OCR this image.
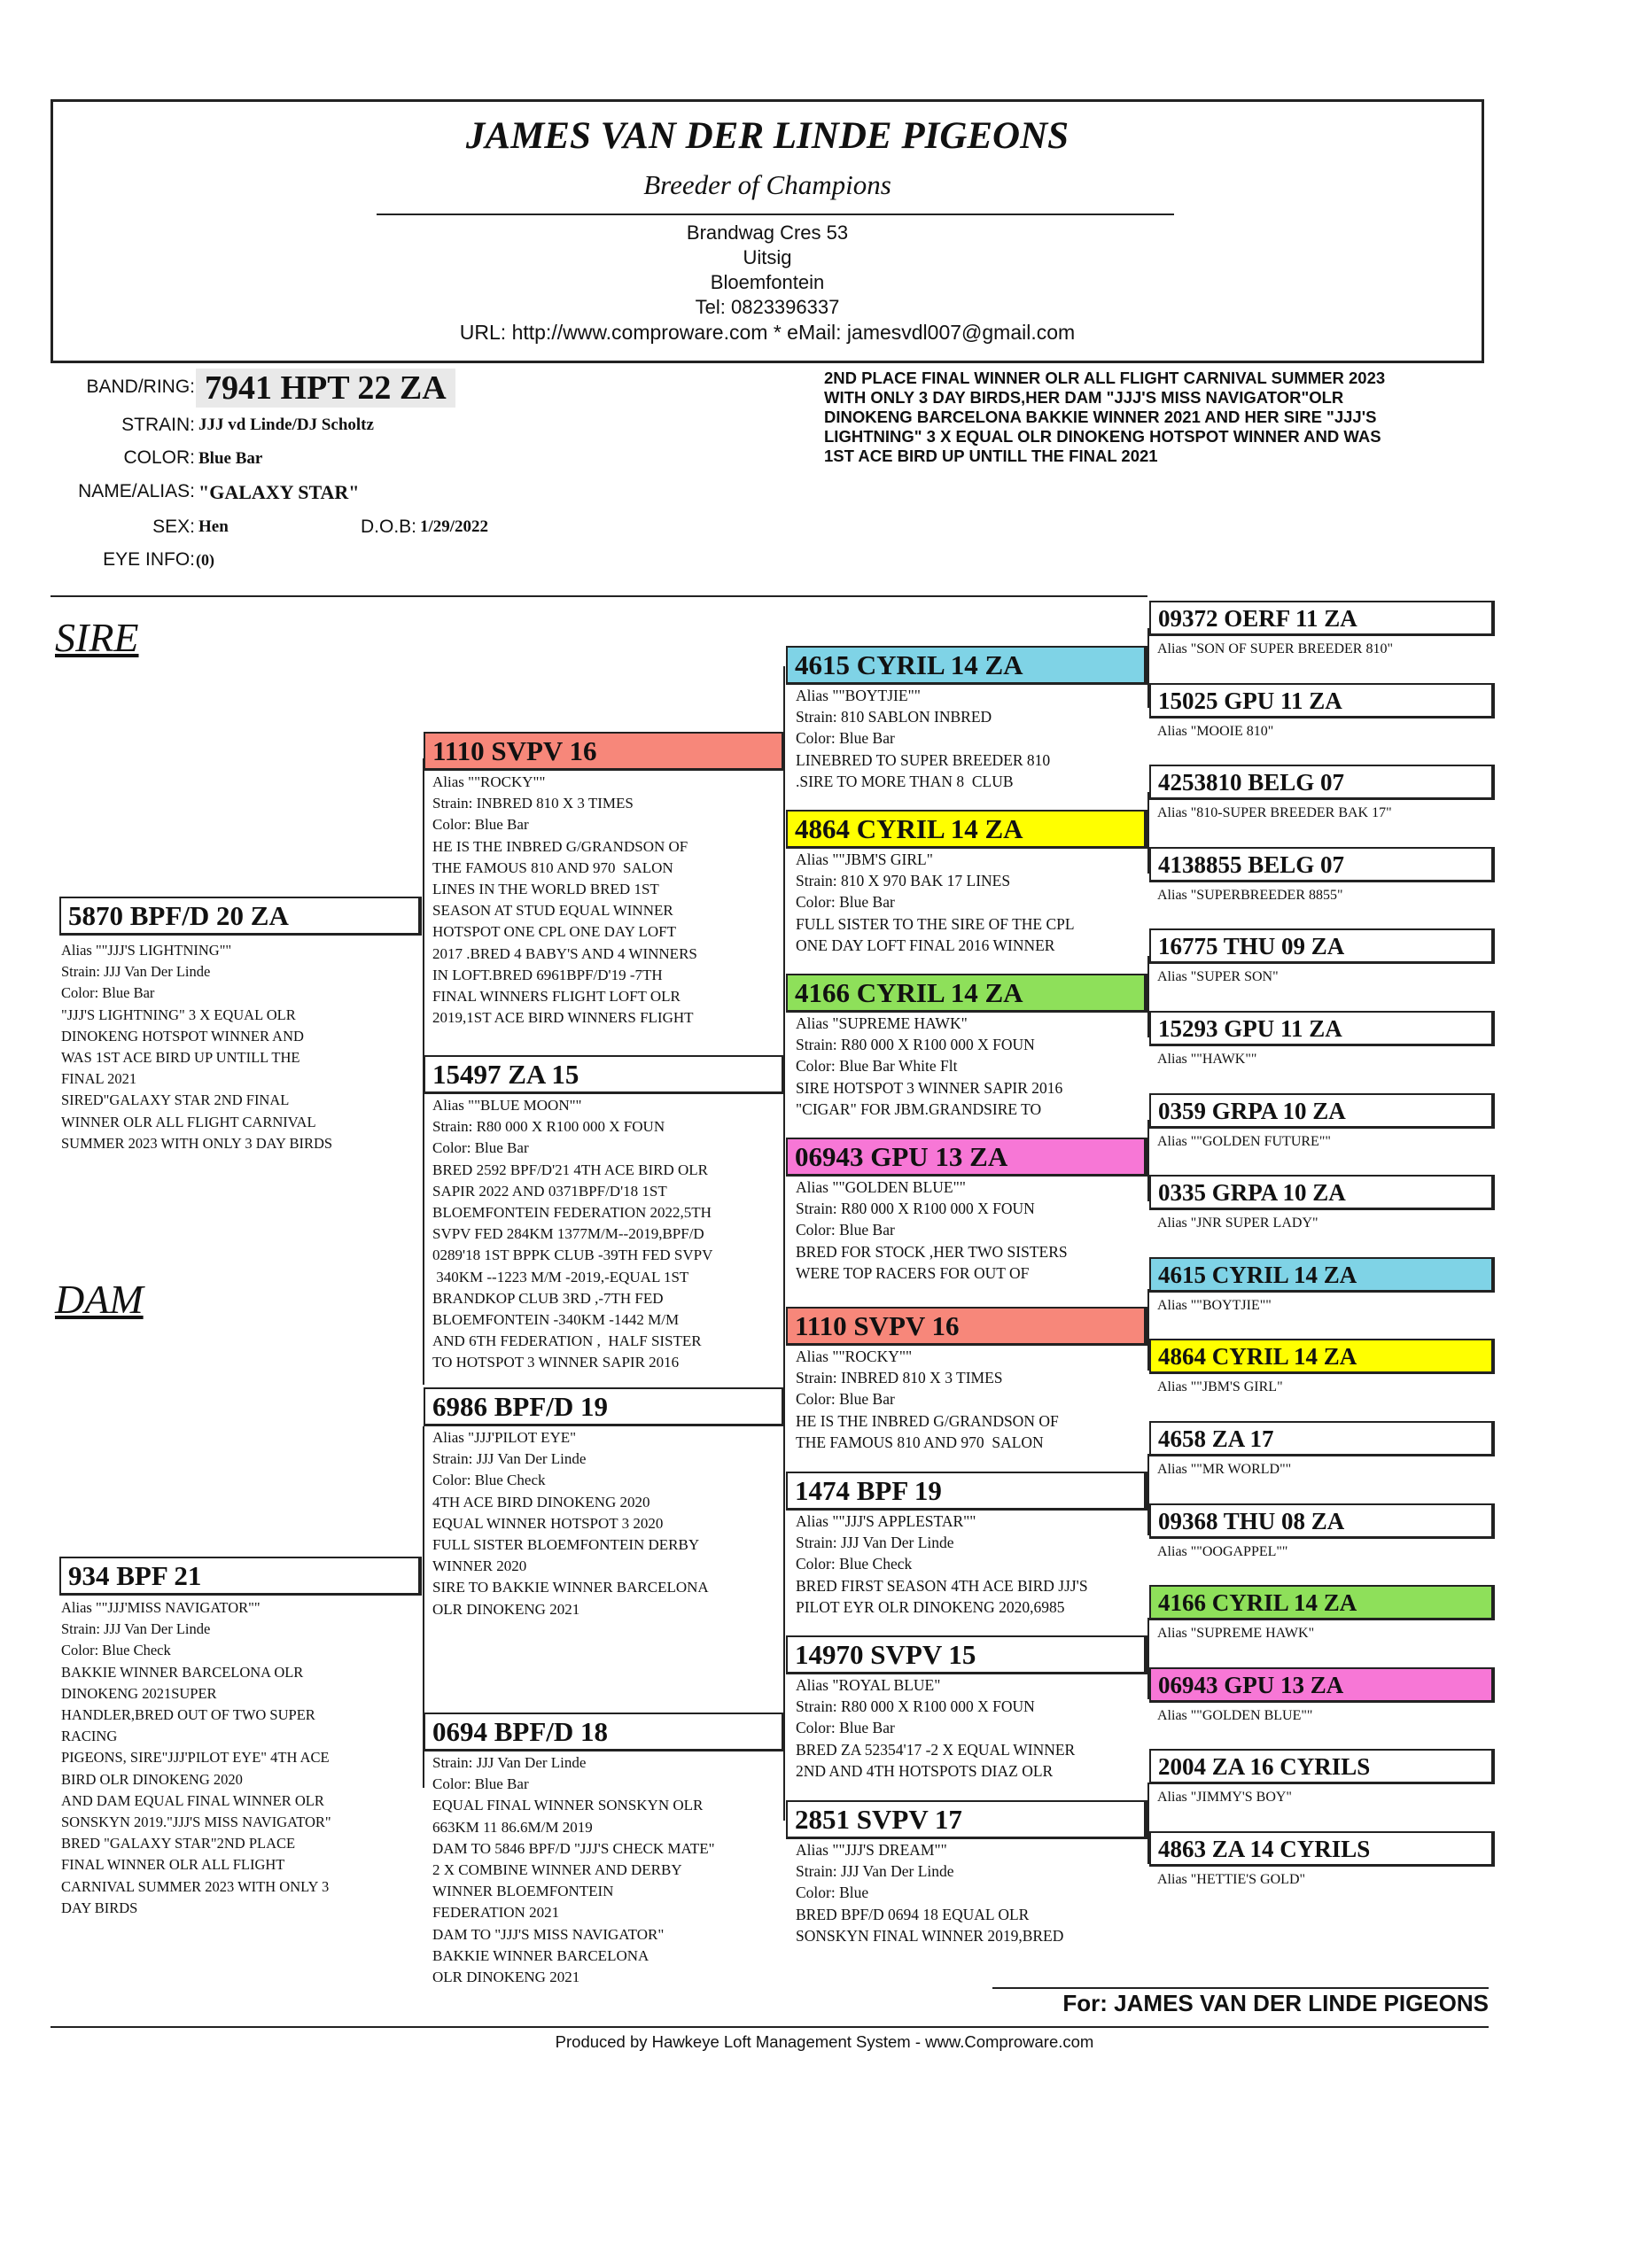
JAMES VAN DER LINDE PIGEONS
Breeder of Champions
Brandwag Cres 53
Uitsig
Bloemfontein
Tel: 0823396337
URL: http://www.comproware.com * eMail: jamesvdl007@gmail.com
BAND/RING: 7941 HPT 22 ZA
STRAIN: JJJ vd Linde/DJ Scholtz
COLOR: Blue Bar
NAME/ALIAS: "GALAXY STAR"
SEX: Hen	D.O.B: 1/29/2022
EYE INFO: (0)
2ND PLACE FINAL WINNER OLR ALL FLIGHT CARNIVAL SUMMER 2023
WITH ONLY 3 DAY BIRDS,HER DAM "JJJ'S MISS NAVIGATOR"OLR
DINOKENG BARCELONA BAKKIE WINNER 2021 AND HER SIRE "JJJ'S
LIGHTNING" 3 X EQUAL OLR DINOKENG HOTSPOT WINNER AND WAS
1ST ACE BIRD UP UNTILL THE FINAL 2021
SIRE
DAM
5870 BPF/D 20 ZA
Alias ""JJJ'S LIGHTNING""
Strain: JJJ Van Der Linde
Color: Blue Bar
"JJJ'S LIGHTNING" 3 X EQUAL OLR
DINOKENG HOTSPOT WINNER AND
WAS 1ST ACE BIRD UP UNTILL THE
FINAL 2021
SIRED"GALAXY STAR 2ND FINAL
WINNER OLR ALL FLIGHT CARNIVAL
SUMMER 2023 WITH ONLY 3 DAY BIRDS
934 BPF 21
Alias ""JJJ'MISS NAVIGATOR""
Strain: JJJ Van Der Linde
Color: Blue Check
BAKKIE WINNER BARCELONA OLR
DINOKENG 2021SUPER
HANDLER,BRED OUT OF TWO SUPER
RACING
PIGEONS, SIRE"JJJ'PILOT EYE" 4TH ACE
BIRD OLR DINOKENG 2020
AND DAM EQUAL FINAL WINNER OLR
SONSKYN 2019."JJJ'S MISS NAVIGATOR"
BRED "GALAXY STAR"2ND PLACE
FINAL WINNER OLR ALL FLIGHT
CARNIVAL SUMMER 2023 WITH ONLY 3
DAY BIRDS
1110 SVPV 16
Alias ""ROCKY""
Strain: INBRED 810 X 3 TIMES
Color: Blue Bar
HE IS THE INBRED G/GRANDSON OF
THE FAMOUS 810 AND 970  SALON
LINES IN THE WORLD BRED 1ST
SEASON AT STUD EQUAL WINNER
HOTSPOT ONE CPL ONE DAY LOFT
2017 .BRED 4 BABY'S AND 4 WINNERS
IN LOFT.BRED 6961BPF/D'19 -7TH
FINAL WINNERS FLIGHT LOFT OLR
2019,1ST ACE BIRD WINNERS FLIGHT
15497 ZA 15
Alias ""BLUE MOON""
Strain: R80 000 X R100 000 X FOUN
Color: Blue Bar
BRED 2592 BPF/D'21 4TH ACE BIRD OLR
SAPIR 2022 AND 0371BPF/D'18 1ST
BLOEMFONTEIN FEDERATION 2022,5TH
SVPV FED 284KM 1377M/M--2019,BPF/D
0289'18 1ST BPPK CLUB -39TH FED SVPV
340KM --1223 M/M -2019,-EQUAL 1ST
BRANDKOP CLUB 3RD ,-7TH FED
BLOEMFONTEIN -340KM -1442 M/M
AND 6TH FEDERATION ,  HALF SISTER
TO HOTSPOT 3 WINNER SAPIR 2016
6986 BPF/D 19
Alias "JJJ'PILOT EYE"
Strain: JJJ Van Der Linde
Color: Blue Check
4TH ACE BIRD DINOKENG 2020
EQUAL WINNER HOTSPOT 3 2020
FULL SISTER BLOEMFONTEIN DERBY
WINNER 2020
SIRE TO BAKKIE WINNER BARCELONA
OLR DINOKENG 2021
0694 BPF/D 18
Strain: JJJ Van Der Linde
Color: Blue Bar
EQUAL FINAL WINNER SONSKYN OLR
663KM 11 86.6M/M 2019
DAM TO 5846 BPF/D "JJJ'S CHECK MATE"
2 X COMBINE WINNER AND DERBY
WINNER BLOEMFONTEIN
FEDERATION 2021
DAM TO "JJJ'S MISS NAVIGATOR"
BAKKIE WINNER BARCELONA
OLR DINOKENG 2021
4615 CYRIL 14 ZA
Alias ""BOYTJIE""
Strain: 810 SABLON INBRED
Color: Blue Bar
LINEBRED TO SUPER BREEDER 810
.SIRE TO MORE THAN 8  CLUB
4864 CYRIL 14 ZA
Alias ""JBM'S GIRL"
Strain: 810 X 970 BAK 17 LINES
Color: Blue Bar
FULL SISTER TO THE SIRE OF THE CPL
ONE DAY LOFT FINAL 2016 WINNER
4166 CYRIL 14 ZA
Alias "SUPREME HAWK"
Strain: R80 000 X R100 000 X FOUN
Color: Blue Bar White Flt
SIRE HOTSPOT 3 WINNER SAPIR 2016
"CIGAR" FOR JBM.GRANDSIRE TO
06943 GPU 13 ZA
Alias ""GOLDEN BLUE""
Strain: R80 000 X R100 000 X FOUN
Color: Blue Bar
BRED FOR STOCK ,HER TWO SISTERS
WERE TOP RACERS FOR OUT OF
1110 SVPV 16
Alias ""ROCKY""
Strain: INBRED 810 X 3 TIMES
Color: Blue Bar
HE IS THE INBRED G/GRANDSON OF
THE FAMOUS 810 AND 970  SALON
1474 BPF 19
Alias ""JJJ'S APPLESTAR""
Strain: JJJ Van Der Linde
Color: Blue Check
BRED FIRST SEASON 4TH ACE BIRD JJJ'S
PILOT EYR OLR DINOKENG 2020,6985
14970 SVPV 15
Alias "ROYAL BLUE"
Strain: R80 000 X R100 000 X FOUN
Color: Blue Bar
BRED ZA 52354'17 -2 X EQUAL WINNER
2ND AND 4TH HOTSPOTS DIAZ OLR
2851 SVPV 17
Alias ""JJJ'S DREAM""
Strain: JJJ Van Der Linde
Color: Blue
BRED BPF/D 0694 18 EQUAL OLR
SONSKYN FINAL WINNER 2019,BRED
09372 OERF 11 ZA
Alias "SON OF SUPER BREEDER 810"
15025 GPU 11 ZA
Alias "MOOIE 810"
4253810 BELG 07
Alias "810-SUPER BREEDER BAK 17"
4138855 BELG 07
Alias "SUPERBREEDER 8855"
16775 THU 09 ZA
Alias "SUPER SON"
15293 GPU 11 ZA
Alias ""HAWK""
0359 GRPA 10 ZA
Alias ""GOLDEN FUTURE""
0335 GRPA 10 ZA
Alias "JNR SUPER LADY"
4615 CYRIL 14 ZA
Alias ""BOYTJIE""
4864 CYRIL 14 ZA
Alias ""JBM'S GIRL"
4658 ZA 17
Alias ""MR WORLD""
09368 THU 08 ZA
Alias ""OOGAPPEL""
4166 CYRIL 14 ZA
Alias "SUPREME HAWK"
06943 GPU 13 ZA
Alias ""GOLDEN BLUE""
2004 ZA 16 CYRILS
Alias "JIMMY'S BOY"
4863 ZA 14 CYRILS
Alias "HETTIE'S GOLD"
For: JAMES VAN DER LINDE PIGEONS
Produced by Hawkeye Loft Management System - www.Comproware.com
